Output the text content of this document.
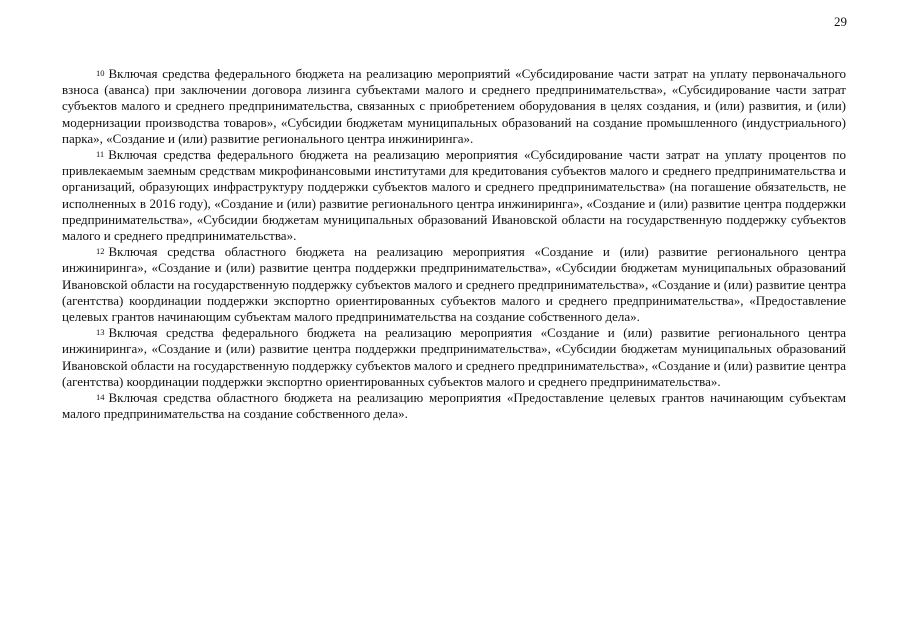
29

$^{10}$ Включая средства федерального бюджета на реализацию мероприятий «Субсидирование части затрат на уплату первоначального взноса (аванса) при заключении договора лизинга субъектами малого и среднего предпринимательства», «Субсидирование части затрат субъектов малого и среднего предпринимательства, связанных с приобретением оборудования в целях создания, и (или) развития, и (или) модернизации производства товаров», «Субсидии бюджетам муниципальных образований на создание промышленного (индустриального) парка», «Создание и (или) развитие регионального центра инжиниринга».

$^{11}$ Включая средства федерального бюджета на реализацию мероприятия «Субсидирование части затрат на уплату процентов по привлекаемым заемным средствам микрофинансовыми институтами для кредитования субъектов малого и среднего предпринимательства и организаций, образующих инфраструктуру поддержки субъектов малого и среднего предпринимательства» (на погашение обязательств, не исполненных в 2016 году), «Создание и (или) развитие регионального центра инжиниринга», «Создание и (или) развитие центра поддержки предпринимательства», «Субсидии бюджетам муниципальных образований Ивановской области на государственную поддержку субъектов малого и среднего предпринимательства».

$^{12}$ Включая средства областного бюджета на реализацию мероприятия «Создание и (или) развитие регионального центра инжиниринга», «Создание и (или) развитие центра поддержки предпринимательства», «Субсидии бюджетам муниципальных образований Ивановской области на государственную поддержку субъектов малого и среднего предпринимательства», «Создание и (или) развитие центра (агентства) координации поддержки экспортно ориентированных субъектов малого и среднего предпринимательства», «Предоставление целевых грантов начинающим субъектам малого предпринимательства на создание собственного дела».

$^{13}$ Включая средства федерального бюджета на реализацию мероприятия «Создание и (или) развитие регионального центра инжиниринга», «Создание и (или) развитие центра поддержки предпринимательства», «Субсидии бюджетам муниципальных образований Ивановской области на государственную поддержку субъектов малого и среднего предпринимательства», «Создание и (или) развитие центра (агентства) координации поддержки экспортно ориентированных субъектов малого и среднего предпринимательства».

$^{14}$ Включая средства областного бюджета на реализацию мероприятия «Предоставление целевых грантов начинающим субъектам малого предпринимательства на создание собственного дела».
